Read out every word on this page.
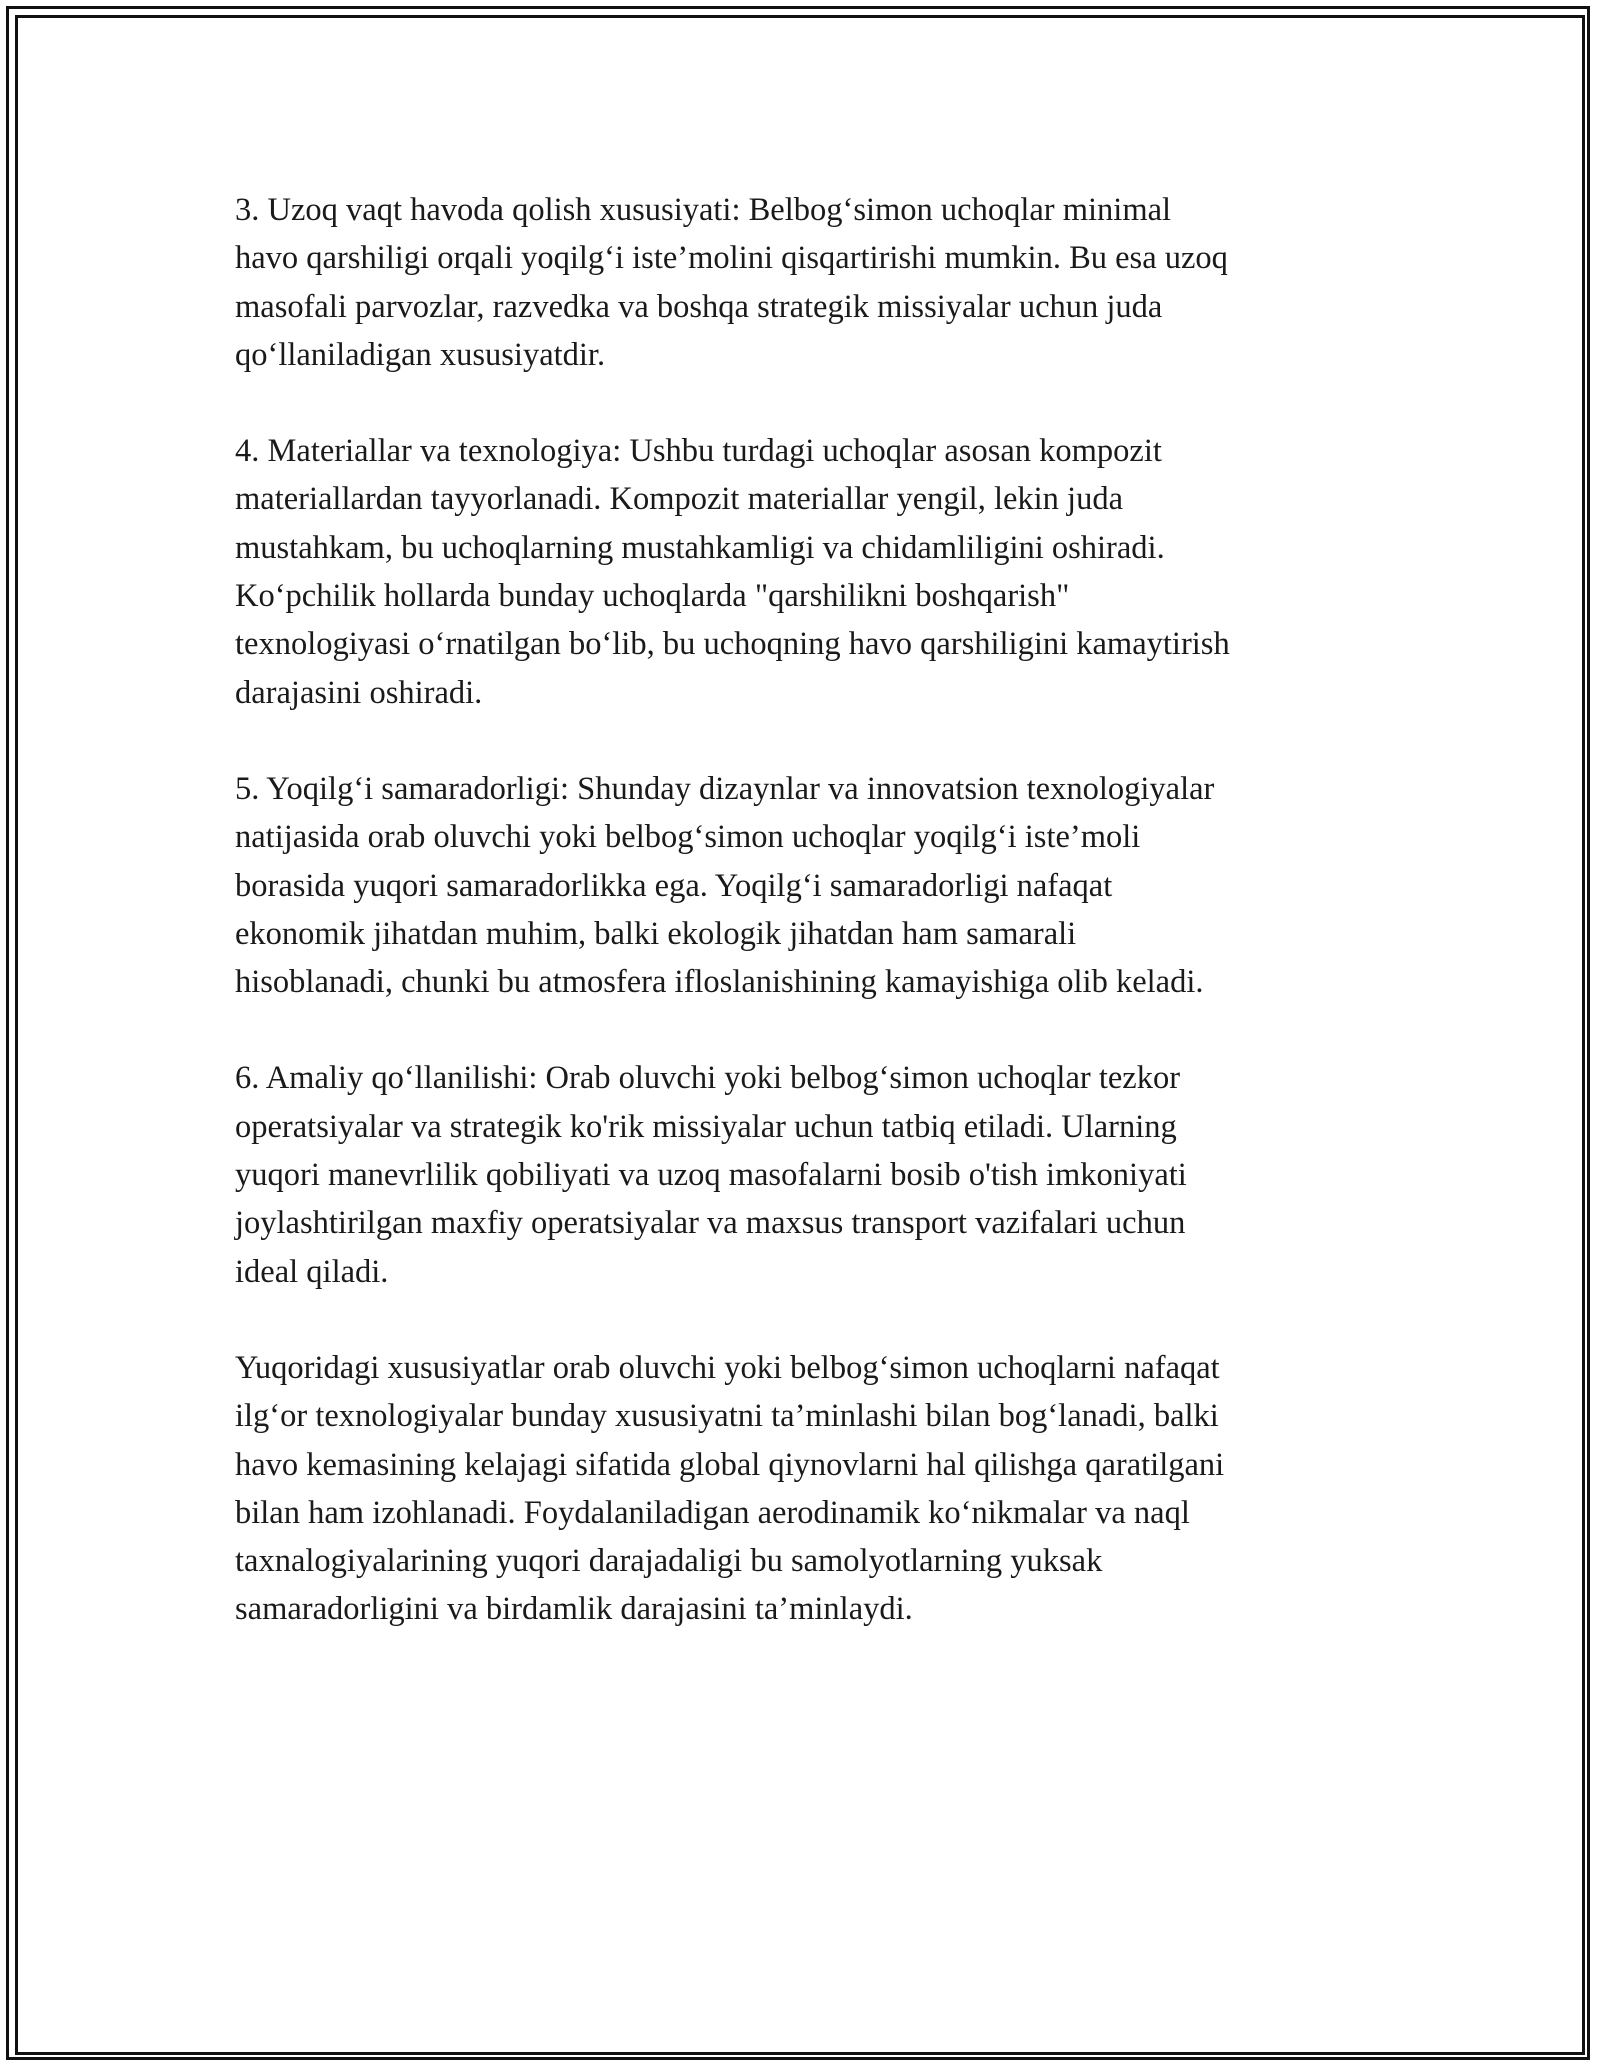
3. Uzoq vaqt havoda qolish xususiyati: Belbog‘simon uchoqlar minimal
havo qarshiligi orqali yoqilg‘i iste’molini qisqartirishi mumkin. Bu esa uzoq
masofali parvozlar, razvedka va boshqa strategik missiyalar uchun juda
qo‘llaniladigan xususiyatdir.

4. Materiallar va texnologiya: Ushbu turdagi uchoqlar asosan kompozit
materiallardan tayyorlanadi. Kompozit materiallar yengil, lekin juda
mustahkam, bu uchoqlarning mustahkamligi va chidamliligini oshiradi.
Ko‘pchilik hollarda bunday uchoqlarda "qarshilikni boshqarish"
texnologiyasi o‘rnatilgan bo‘lib, bu uchoqning havo qarshiligini kamaytirish
darajasini oshiradi.

5. Yoqilg‘i samaradorligi: Shunday dizaynlar va innovatsion texnologiyalar
natijasida orab oluvchi yoki belbog‘simon uchoqlar yoqilg‘i iste’moli
borasida yuqori samaradorlikka ega. Yoqilg‘i samaradorligi nafaqat
ekonomik jihatdan muhim, balki ekologik jihatdan ham samarali
hisoblanadi, chunki bu atmosfera ifloslanishining kamayishiga olib keladi.

6. Amaliy qo‘llanilishi: Orab oluvchi yoki belbog‘simon uchoqlar tezkor
operatsiyalar va strategik ko'rik missiyalar uchun tatbiq etiladi. Ularning
yuqori manevrlilik qobiliyati va uzoq masofalarni bosib o'tish imkoniyati
joylashtirilgan maxfiy operatsiyalar va maxsus transport vazifalari uchun
ideal qiladi.

Yuqoridagi xususiyatlar orab oluvchi yoki belbog‘simon uchoqlarni nafaqat
ilg‘or texnologiyalar bunday xususiyatni ta’minlashi bilan bog‘lanadi, balki
havo kemasining kelajagi sifatida global qiynovlarni hal qilishga qaratilgani
bilan ham izohlanadi. Foydalaniladigan aerodinamik ko‘nikmalar va naql
taxnalogiyalarining yuqori darajadaligi bu samolyotlarning yuksak
samaradorligini va birdamlik darajasini ta’minlaydi.
